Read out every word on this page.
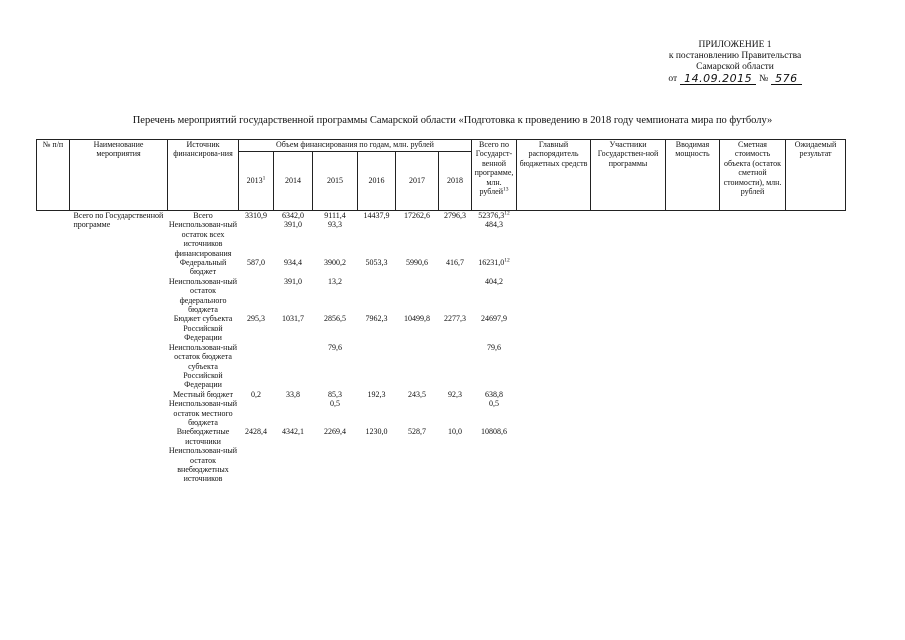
ПРИЛОЖЕНИЕ 1
к постановлению Правительства
Самарской области
от 14.09.2015 № 576
Перечень мероприятий государственной программы Самарской области «Подготовка к проведению в 2018 году чемпионата мира по футболу»
№ п/п	Наименование мероприятия	Источник финансирова-ния	Объем финансирования по годам, млн. рублей						Всего по Государст-венной программе, млн. рублей$^{13}$	Главный распорядитель бюджетных средств	Участники Государствен-ной программы	Вводимая мощность	Сметная стоимость объекта (остаток сметной стоимости), млн. рублей	Ожидаемый результат
			2013$^1$	2014	2015	2016	2017	2018						
	Всего по Государственной программе	Всего	3310,9	6342,0	9111,4	14437,9	17262,6	2796,3	52376,3$^{12}$					
		Неиспользован-ный остаток всех источников финансирования		391,0	93,3				484,3					
		Федеральный бюджет	587,0	934,4	3900,2	5053,3	5990,6	416,7	16231,0$^{12}$					
		Неиспользован-ный остаток федерального бюджета		391,0	13,2				404,2					
		Бюджет субъекта Российской Федерации	295,3	1031,7	2856,5	7962,3	10499,8	2277,3	24697,9					
		Неиспользован-ный остаток бюджета субъекта Российской Федерации			79,6				79,6					
		Местный бюджет	0,2	33,8	85,3	192,3	243,5	92,3	638,8					
		Неиспользован-ный остаток местного бюджета			0,5				0,5					
		Внебюджетные источники	2428,4	4342,1	2269,4	1230,0	528,7	10,0	10808,6					
		Неиспользован-ный остаток внебюджетных источников												
